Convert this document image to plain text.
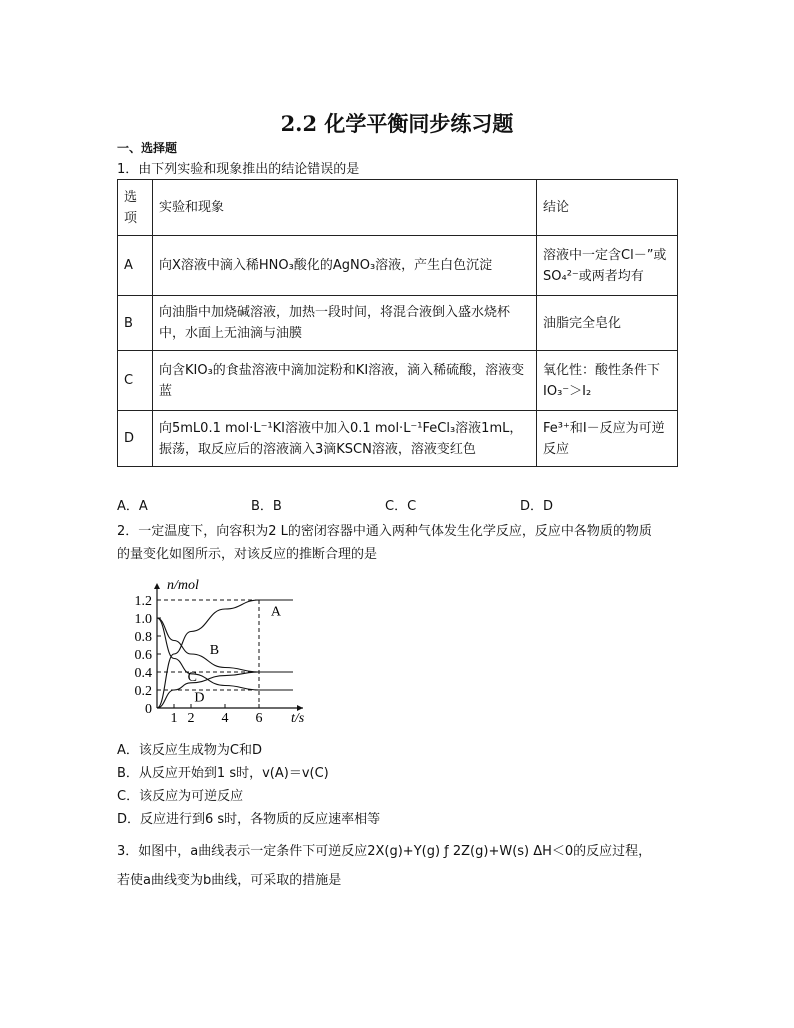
2.2 化学平衡同步练习题
一、选择题
1．由下列实验和现象推出的结论错误的是
选项	实验和现象	结论
A	向X溶液中滴入稀HNO₃酸化的AgNO₃溶液，产生白色沉淀	溶液中一定含Cl－”或SO₄²⁻或两者均有
B	向油脂中加烧碱溶液，加热一段时间，将混合液倒入盛水烧杯中，水面上无油滴与油膜	油脂完全皂化
C	向含KIO₃的食盐溶液中滴加淀粉和KI溶液，滴入稀硫酸，溶液变蓝	氧化性：酸性条件下 IO₃⁻＞I₂
D	向5mL0.1 mol·L⁻¹KI溶液中加入0.1 mol·L⁻¹FeCl₃溶液1mL，振荡，取反应后的溶液滴入3滴KSCN溶液，溶液变红色	Fe³⁺和I－反应为可逆反应
A．A	B．B	C．C	D．D
2．一定温度下，向容积为2 L的密闭容器中通入两种气体发生化学反应，反应中各物质的物质
的量变化如图所示，对该反应的推断合理的是
n/mol
t/s
0
0.2
0.4
0.6
0.8
1.0
1.2
1 2 4 6
A
B
C
D
A．该反应生成物为C和D
B．从反应开始到1 s时，v(A)＝v(C)
C．该反应为可逆反应
D．反应进行到6 s时，各物质的反应速率相等
3．如图中，a曲线表示一定条件下可逆反应2X(g)+Y(g) ƒ 2Z(g)+W(s) ΔH＜0的反应过程，
若使a曲线变为b曲线，可采取的措施是
